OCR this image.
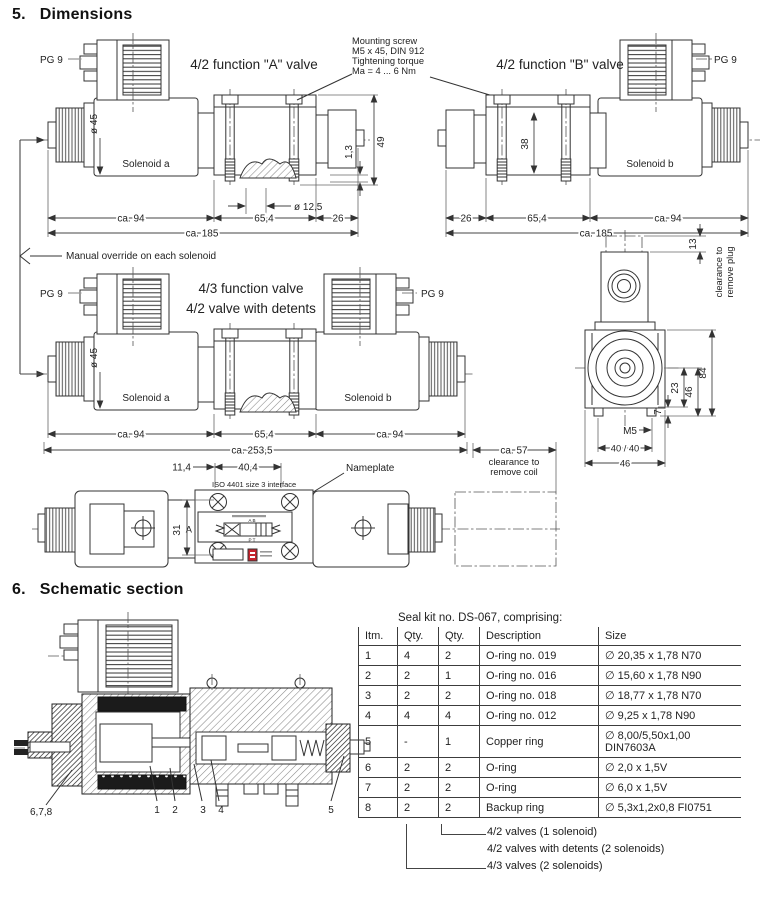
5. Dimensions
PG 9	4/2 function "A" valve
Solenoid a
ø 45
49
1,3
ø 12,5
ca. 94	65,4	26
ca. 185
Mounting screw
M5 x 45, DIN 912
Tightening torque
Ma = 4 ... 6 Nm
PG 9
4/2 function "B" valve
Solenoid b
38
26	65,4	ca. 94
ca. 185
Manual override on each solenoid
PG 9	PG 9
4/3 function valve
4/2 valve with detents
Solenoid a	Solenoid b
ø 45
ca. 94	65,4	ca. 94
ca. 253,5	ca. 57
clearance to
remove coil
13
clearance to remove plug
84
46
23
7
M5
40 / 40
46
11,4	40,4	Nameplate
ISO 4401 size 3 interface
A B
P T
A
31
6. Schematic section
6,7,8	1 2 3 4	5
Seal kit no. DS-067, comprising:
Itm.	Qty.	Qty.	Description	Size
1	4	2	O-ring no. 019	∅ 20,35 x 1,78 N70
2	2	1	O-ring no. 016	∅ 15,60 x 1,78 N90
3	2	2	O-ring no. 018	∅ 18,77 x 1,78 N70
4	4	4	O-ring no. 012	∅ 9,25 x 1,78 N90
5	-	1	Copper ring	∅ 8,00/5,50x1,00 DIN7603A
6	2	2	O-ring	∅ 2,0 x 1,5V
7	2	2	O-ring	∅ 6,0 x 1,5V
8	2	2	Backup ring	∅ 5,3x1,2x0,8 FI0751
4/2 valves (1 solenoid)
4/2 valves with detents (2 solenoids)
4/3 valves (2 solenoids)
